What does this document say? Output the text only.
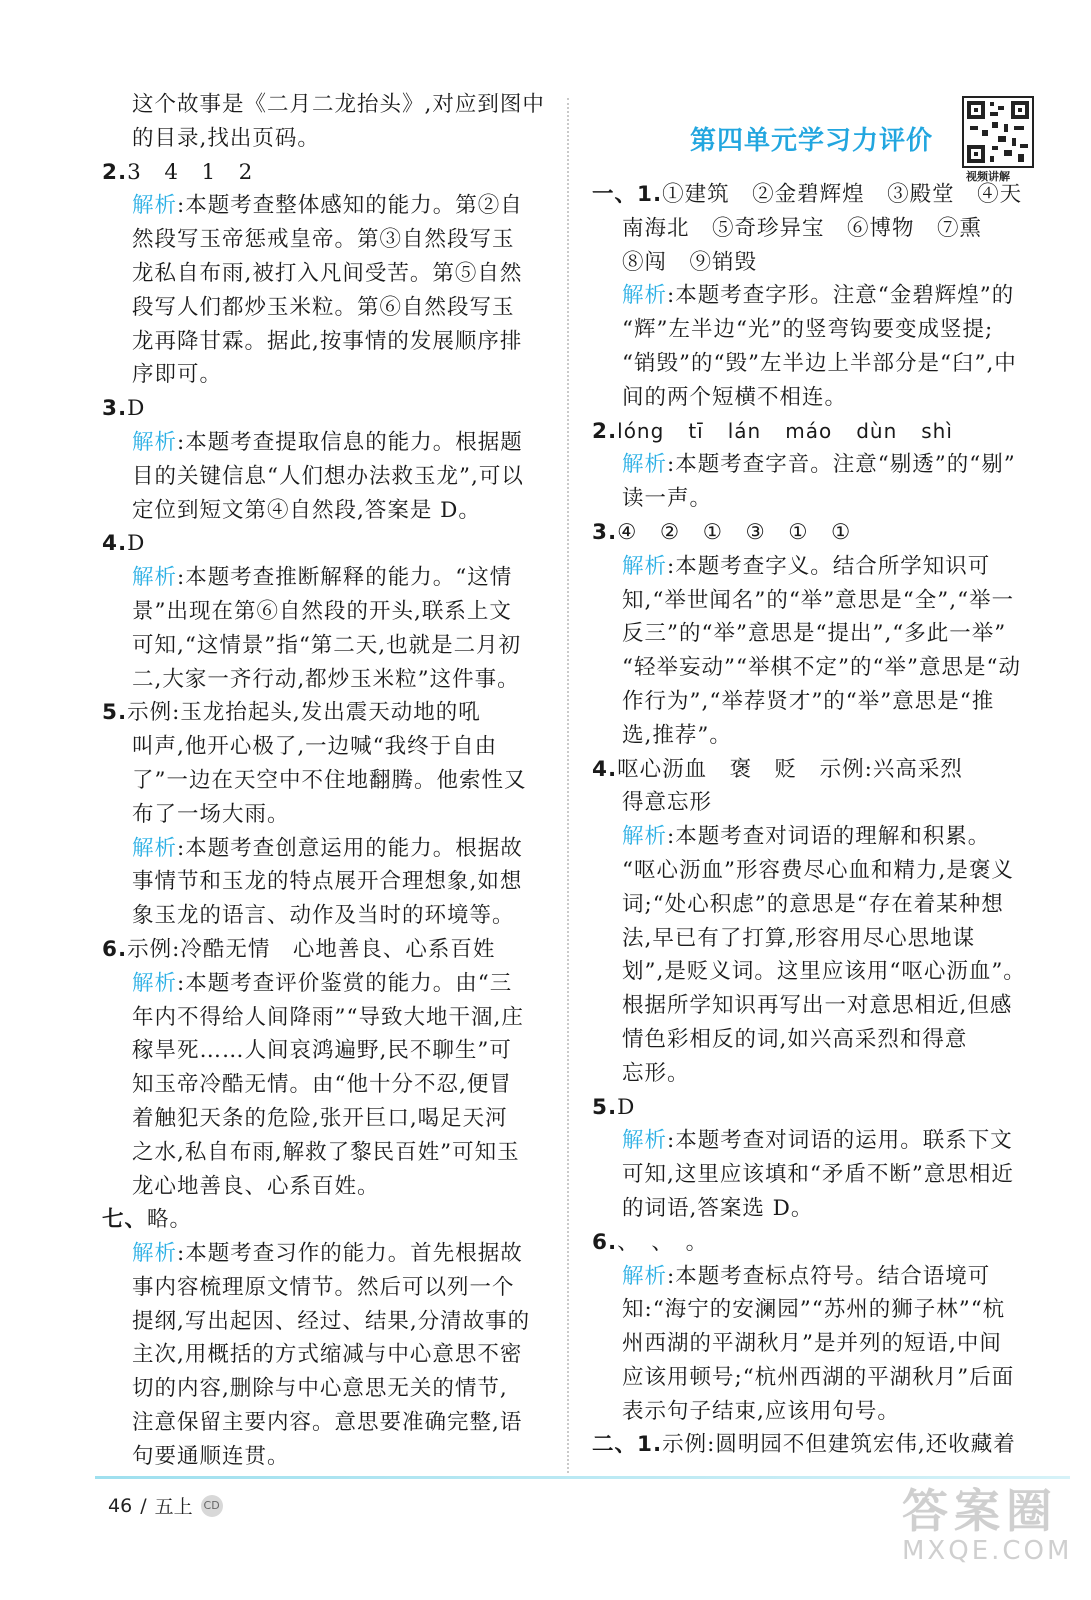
这个故事是《二月二龙抬头》,对应到图中
的目录,找出页码。
2.3　4　1　2
解析:本题考查整体感知的能力。第②自
然段写玉帝惩戒皇帝。第③自然段写玉
龙私自布雨,被打入凡间受苦。第⑤自然
段写人们都炒玉米粒。第⑥自然段写玉
龙再降甘霖。据此,按事情的发展顺序排
序即可。
3.D
解析:本题考查提取信息的能力。根据题
目的关键信息“人们想办法救玉龙”,可以
定位到短文第④自然段,答案是 D。
4.D
解析:本题考查推断解释的能力。“这情
景”出现在第⑥自然段的开头,联系上文
可知,“这情景”指“第二天,也就是二月初
二,大家一齐行动,都炒玉米粒”这件事。
5.示例:玉龙抬起头,发出震天动地的吼
叫声,他开心极了,一边喊“我终于自由
了”一边在天空中不住地翻腾。他索性又
布了一场大雨。
解析:本题考查创意运用的能力。根据故
事情节和玉龙的特点展开合理想象,如想
象玉龙的语言、动作及当时的环境等。
6.示例:冷酷无情　心地善良、心系百姓
解析:本题考查评价鉴赏的能力。由“三
年内不得给人间降雨”“导致大地干涸,庄
稼旱死……人间哀鸿遍野,民不聊生”可
知玉帝冷酷无情。由“他十分不忍,便冒
着触犯天条的危险,张开巨口,喝足天河
之水,私自布雨,解救了黎民百姓”可知玉
龙心地善良、心系百姓。
七、略。
解析:本题考查习作的能力。首先根据故
事内容梳理原文情节。然后可以列一个
提纲,写出起因、经过、结果,分清故事的
主次,用概括的方式缩减与中心意思不密
切的内容,删除与中心意思无关的情节,
注意保留主要内容。意思要准确完整,语
句要通顺连贯。
第四单元学习力评价
视频讲解
一、1.①建筑　②金碧辉煌　③殿堂　④天
南海北　⑤奇珍异宝　⑥博物　⑦熏
⑧闯　⑨销毁
解析:本题考查字形。注意“金碧辉煌”的
“辉”左半边“光”的竖弯钩要变成竖提;
“销毁”的“毁”左半边上半部分是“臼”,中
间的两个短横不相连。
2.lóng tī lán máo dùn shì
解析:本题考查字音。注意“剔透”的“剔”
读一声。
3.④　②　①　③　①　①
解析:本题考查字义。结合所学知识可
知,“举世闻名”的“举”意思是“全”,“举一
反三”的“举”意思是“提出”,“多此一举”
“轻举妄动”“举棋不定”的“举”意思是“动
作行为”,“举荐贤才”的“举”意思是“推
选,推荐”。
4.呕心沥血　褒　贬　示例:兴高采烈
得意忘形
解析:本题考查对词语的理解和积累。
“呕心沥血”形容费尽心血和精力,是褒义
词;“处心积虑”的意思是“存在着某种想
法,早已有了打算,形容用尽心思地谋
划”,是贬义词。这里应该用“呕心沥血”。
根据所学知识再写出一对意思相近,但感
情色彩相反的词,如兴高采烈和得意
忘形。
5.D
解析:本题考查对词语的运用。联系下文
可知,这里应该填和“矛盾不断”意思相近
的词语,答案选 D。
6.、　、　。
解析:本题考查标点符号。结合语境可
知:“海宁的安澜园”“苏州的狮子林”“杭
州西湖的平湖秋月”是并列的短语,中间
应该用顿号;“杭州西湖的平湖秋月”后面
表示句子结束,应该用句号。
二、1.示例:圆明园不但建筑宏伟,还收藏着
46 / 五上 CD	答案圈
MXQE.COM
